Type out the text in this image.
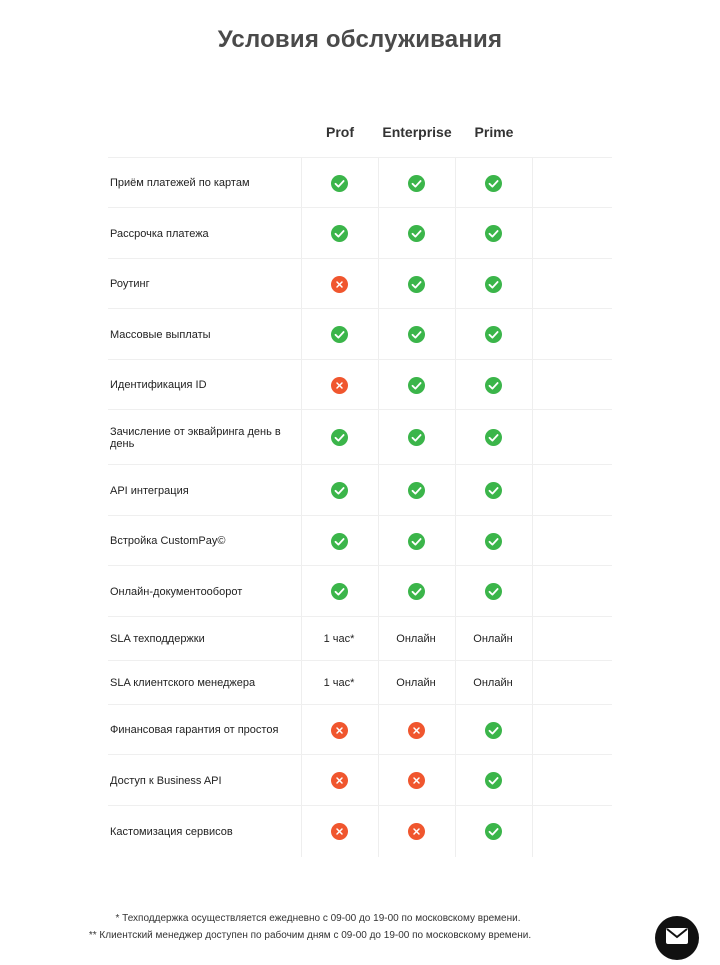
Условия обслуживания
Prof	Enterprise	Prime
Приём платежей по картам
Рассрочка платежа
Роутинг
Массовые выплаты
Идентификация ID
Зачисление от эквайринга день в день
API интеграция
Встройка CustomPay©
Онлайн-документооборот
SLA техподдержки	1 час*	Онлайн	Онлайн
SLA клиентского менеджера	1 час*	Онлайн	Онлайн
Финансовая гарантия от простоя
Доступ к Business API
Кастомизация сервисов
* Техподдержка осуществляется ежедневно с 09-00 до 19-00 по московскому времени.
** Клиентский менеджер доступен по рабочим дням с 09-00 до 19-00 по московскому времени.
